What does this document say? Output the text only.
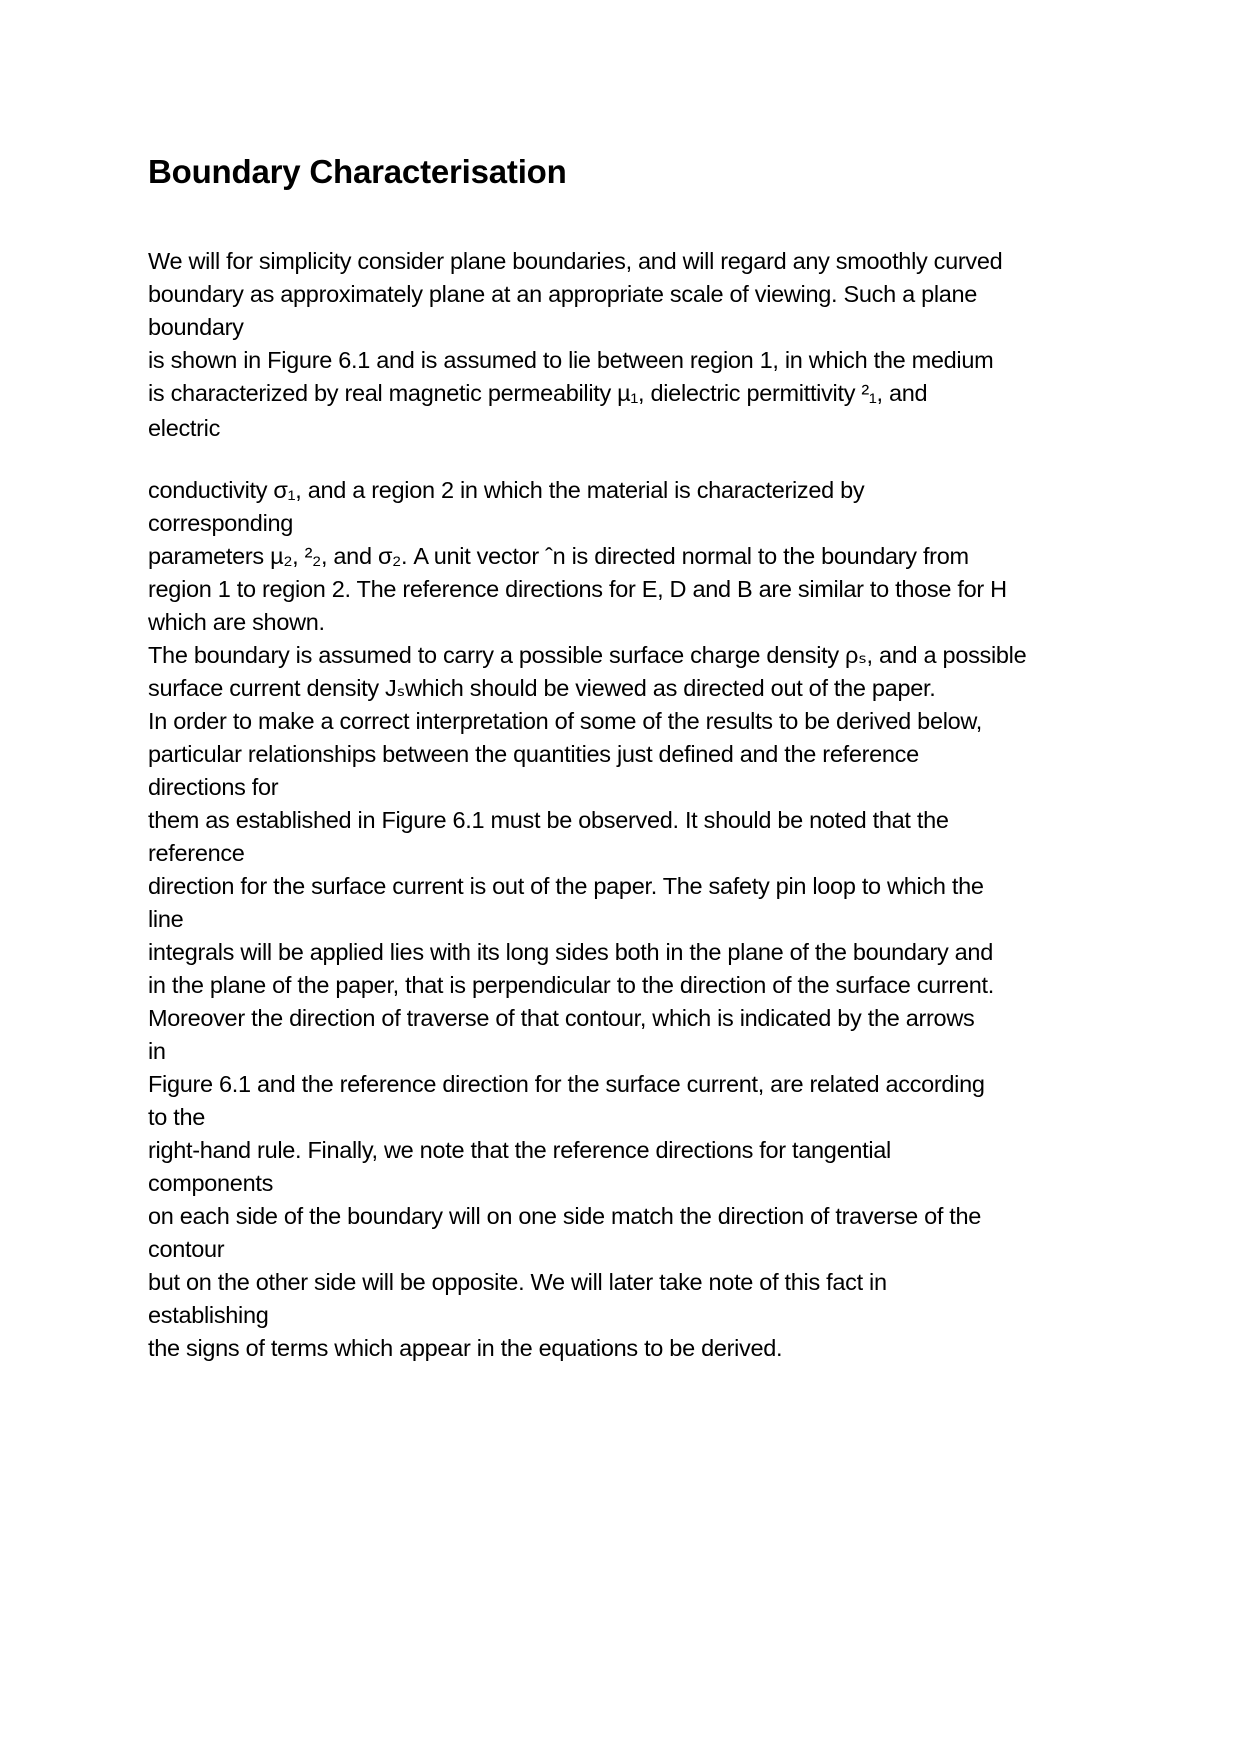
Boundary Characterisation
We will for simplicity consider plane boundaries, and will regard any smoothly curved
boundary as approximately plane at an appropriate scale of viewing. Such a plane
boundary
is shown in Figure 6.1 and is assumed to lie between region 1, in which the medium
is characterized by real magnetic permeability µ₁, dielectric permittivity ²₁, and
electric
conductivity σ₁, and a region 2 in which the material is characterized by
corresponding
parameters µ₂, ²₂, and σ₂. A unit vector ˆn is directed normal to the boundary from
region 1 to region 2. The reference directions for E, D and B are similar to those for H
which are shown.
The boundary is assumed to carry a possible surface charge density ρₛ, and a possible
surface current density Jₛwhich should be viewed as directed out of the paper.
In order to make a correct interpretation of some of the results to be derived below,
particular relationships between the quantities just defined and the reference
directions for
them as established in Figure 6.1 must be observed. It should be noted that the
reference
direction for the surface current is out of the paper. The safety pin loop to which the
line
integrals will be applied lies with its long sides both in the plane of the boundary and
in the plane of the paper, that is perpendicular to the direction of the surface current.
Moreover the direction of traverse of that contour, which is indicated by the arrows
in
Figure 6.1 and the reference direction for the surface current, are related according
to the
right-hand rule. Finally, we note that the reference directions for tangential
components
on each side of the boundary will on one side match the direction of traverse of the
contour
but on the other side will be opposite. We will later take note of this fact in
establishing
the signs of terms which appear in the equations to be derived.
